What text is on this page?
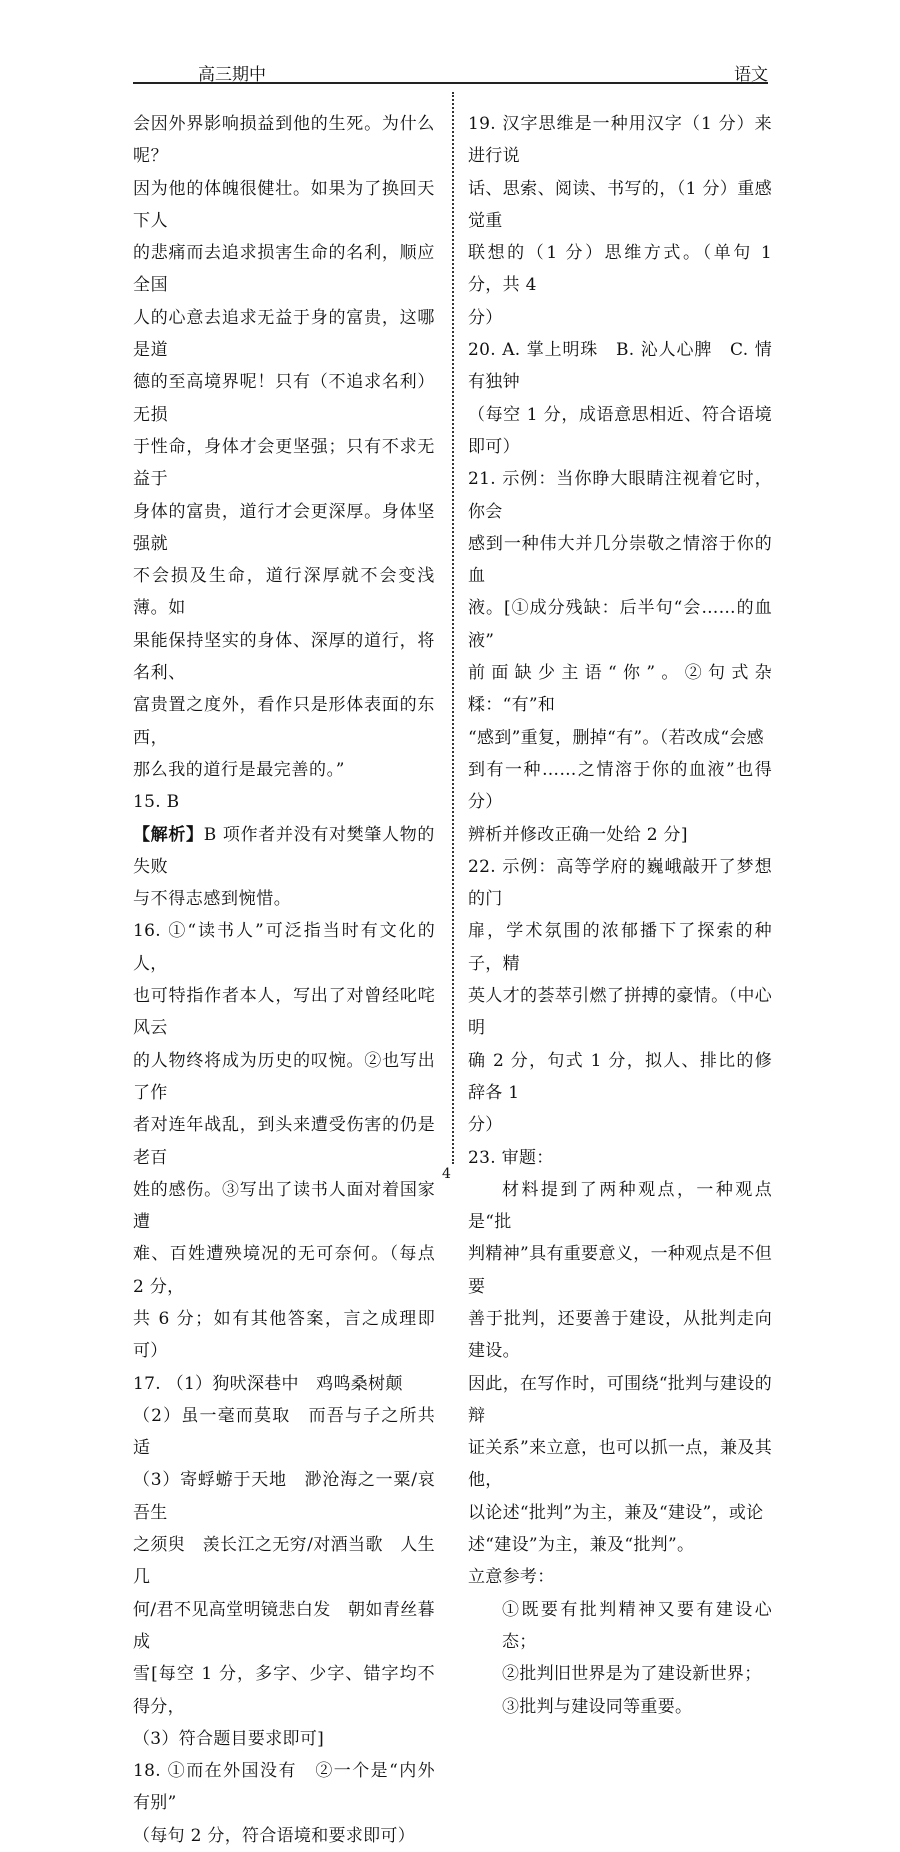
高三期中	语文

会因外界影响损益到他的生死。为什么呢？

因为他的体魄很健壮。如果为了换回天下人

的悲痛而去追求损害生命的名利，顺应全国

人的心意去追求无益于身的富贵，这哪是道

德的至高境界呢！只有（不追求名利）无损

于性命，身体才会更坚强；只有不求无益于

身体的富贵，道行才会更深厚。身体坚强就

不会损及生命，道行深厚就不会变浅薄。如

果能保持坚实的身体、深厚的道行，将名利、

富贵置之度外，看作只是形体表面的东西，

那么我的道行是最完善的。”

15. B

【解析】B 项作者并没有对樊肇人物的失败

与不得志感到惋惜。

16. ①“读书人”可泛指当时有文化的人，

也可特指作者本人，写出了对曾经叱咤风云

的人物终将成为历史的叹惋。②也写出了作

者对连年战乱，到头来遭受伤害的仍是老百

姓的感伤。③写出了读书人面对着国家遭

难、百姓遭殃境况的无可奈何。（每点 2 分，

共 6 分；如有其他答案，言之成理即可）

17. （1）狗吠深巷中　鸡鸣桑树颠

（2）虽一毫而莫取　而吾与子之所共适

（3）寄蜉蝣于天地　渺沧海之一粟/哀吾生

之须臾　羡长江之无穷/对酒当歌　人生几

何/君不见高堂明镜悲白发　朝如青丝暮成

雪[每空 1 分，多字、少字、错字均不得分，

（3）符合题目要求即可]

18. ①而在外国没有　②一个是“内外有别”

（每句 2 分，符合语境和要求即可）

19. 汉字思维是一种用汉字（1 分）来进行说

话、思索、阅读、书写的，（1 分）重感觉重

联想的（1 分）思维方式。（单句 1 分，共 4

分）

20. A. 掌上明珠　B. 沁人心脾　C. 情有独钟

（每空 1 分，成语意思相近、符合语境即可）

21. 示例：当你睁大眼睛注视着它时，你会

感到一种伟大并几分崇敬之情溶于你的血

液。[①成分残缺：后半句“会……的血液”

前面缺少主语“你”。②句式杂糅：“有”和

“感到”重复，删掉“有”。（若改成“会感

到有一种……之情溶于你的血液”也得分）

辨析并修改正确一处给 2 分]

22. 示例：高等学府的巍峨敲开了梦想的门

扉，学术氛围的浓郁播下了探索的种子，精

英人才的荟萃引燃了拼搏的豪情。（中心明

确 2 分，句式 1 分，拟人、排比的修辞各 1

分）

23. 审题：

材料提到了两种观点，一种观点是“批

判精神”具有重要意义，一种观点是不但要

善于批判，还要善于建设，从批判走向建设。

因此，在写作时，可围绕“批判与建设的辩

证关系”来立意，也可以抓一点，兼及其他，

以论述“批判”为主，兼及“建设”，或论

述“建设”为主，兼及“批判”。

立意参考：

①既要有批判精神又要有建设心态；

②批判旧世界是为了建设新世界；

③批判与建设同等重要。

4
